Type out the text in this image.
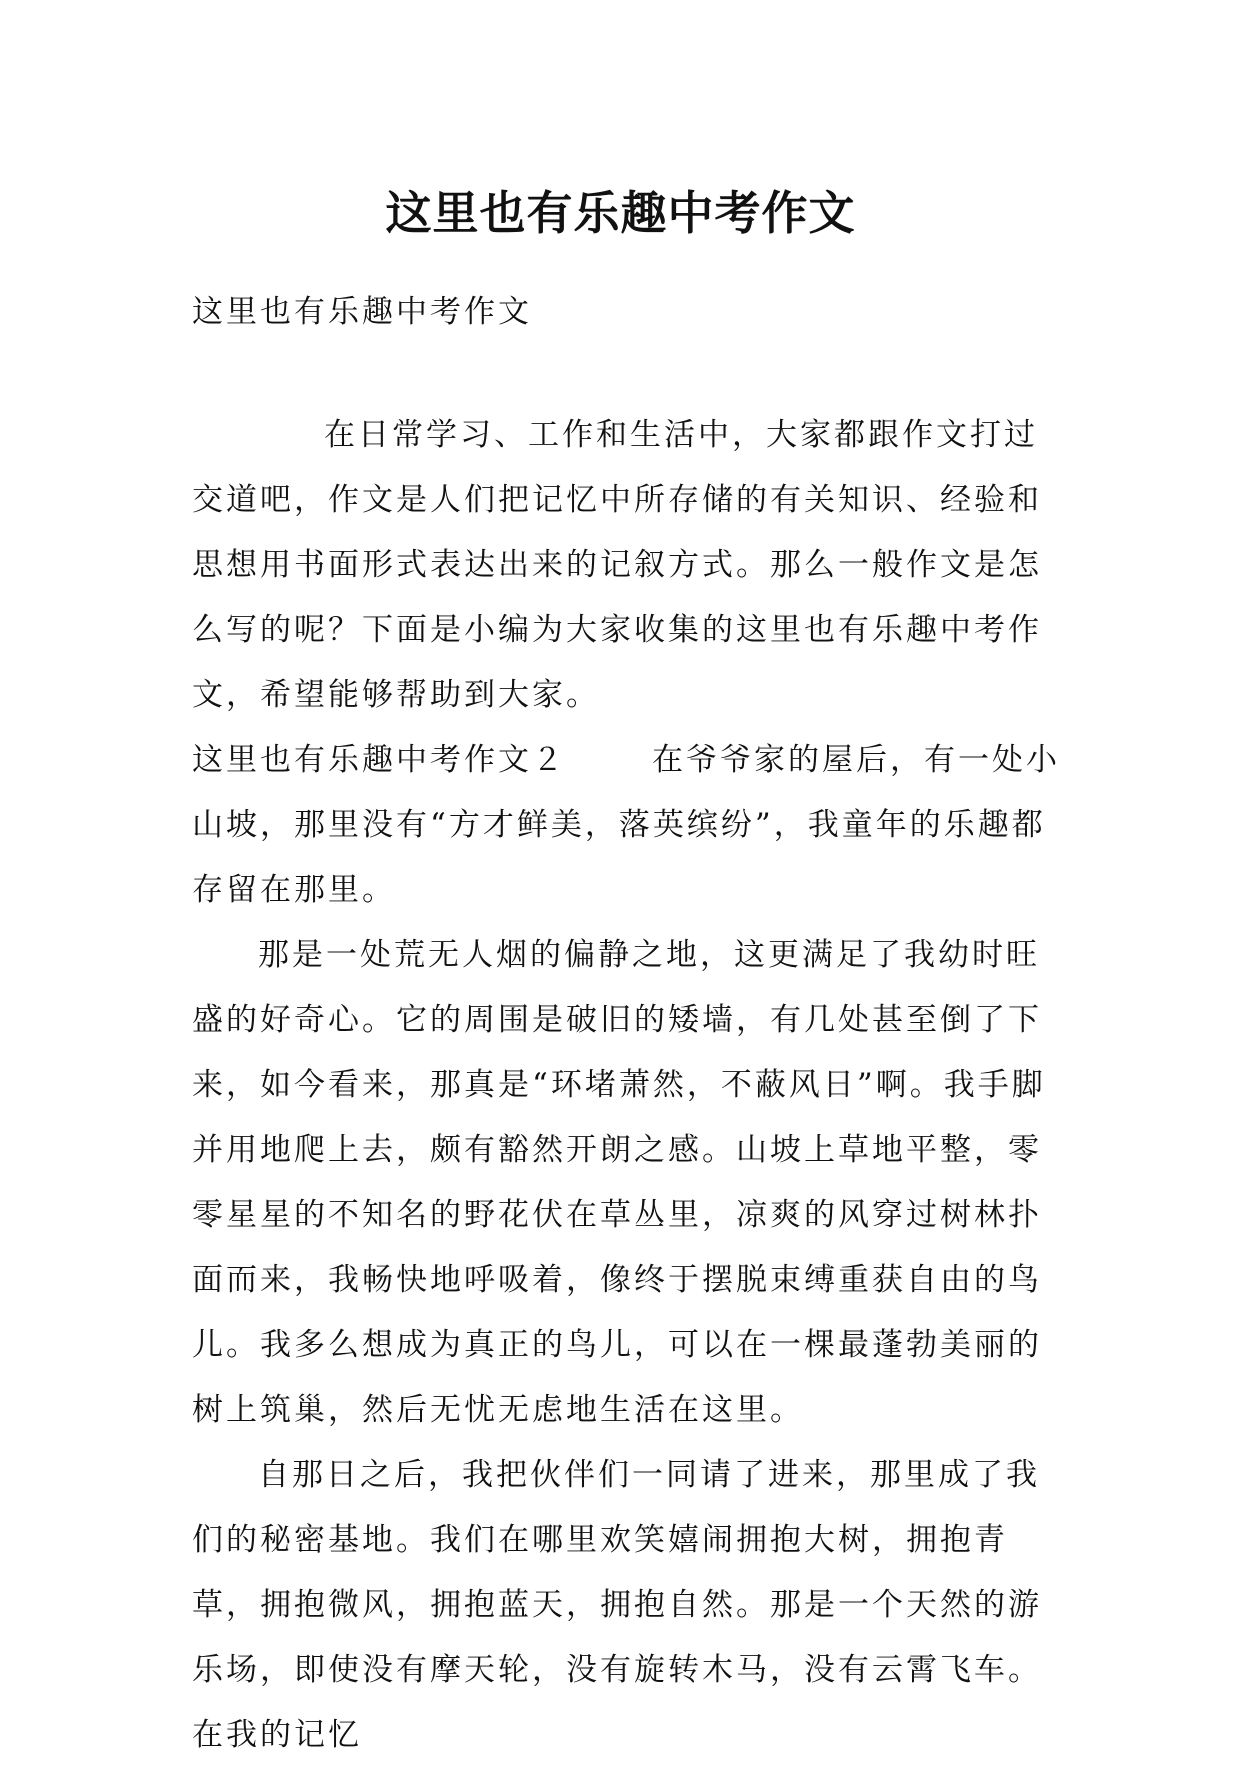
这里也有乐趣中考作文
这里也有乐趣中考作文

在日常学习、工作和生活中，大家都跟作文打过交道吧，作文是人们把记忆中所存储的有关知识、经验和思想用书面形式表达出来的记叙方式。那么一般作文是怎么写的呢？下面是小编为大家收集的这里也有乐趣中考作文，希望能够帮助到大家。

这里也有乐趣中考作文２	在爷爷家的屋后，有一处小山坡，那里没有“方才鲜美，落英缤纷”，我童年的乐趣都存留在那里。

那是一处荒无人烟的偏静之地，这更满足了我幼时旺盛的好奇心。它的周围是破旧的矮墙，有几处甚至倒了下来，如今看来，那真是“环堵萧然，不蔽风日”啊。我手脚并用地爬上去，颇有豁然开朗之感。山坡上草地平整，零零星星的不知名的野花伏在草丛里，凉爽的风穿过树林扑面而来，我畅快地呼吸着，像终于摆脱束缚重获自由的鸟儿。我多么想成为真正的鸟儿，可以在一棵最蓬勃美丽的树上筑巢，然后无忧无虑地生活在这里。

自那日之后，我把伙伴们一同请了进来，那里成了我们的秘密基地。我们在哪里欢笑嬉闹拥抱大树，拥抱青草，拥抱微风，拥抱蓝天，拥抱自然。那是一个天然的游乐场，即使没有摩天轮，没有旋转木马，没有云霄飞车。在我的记忆
